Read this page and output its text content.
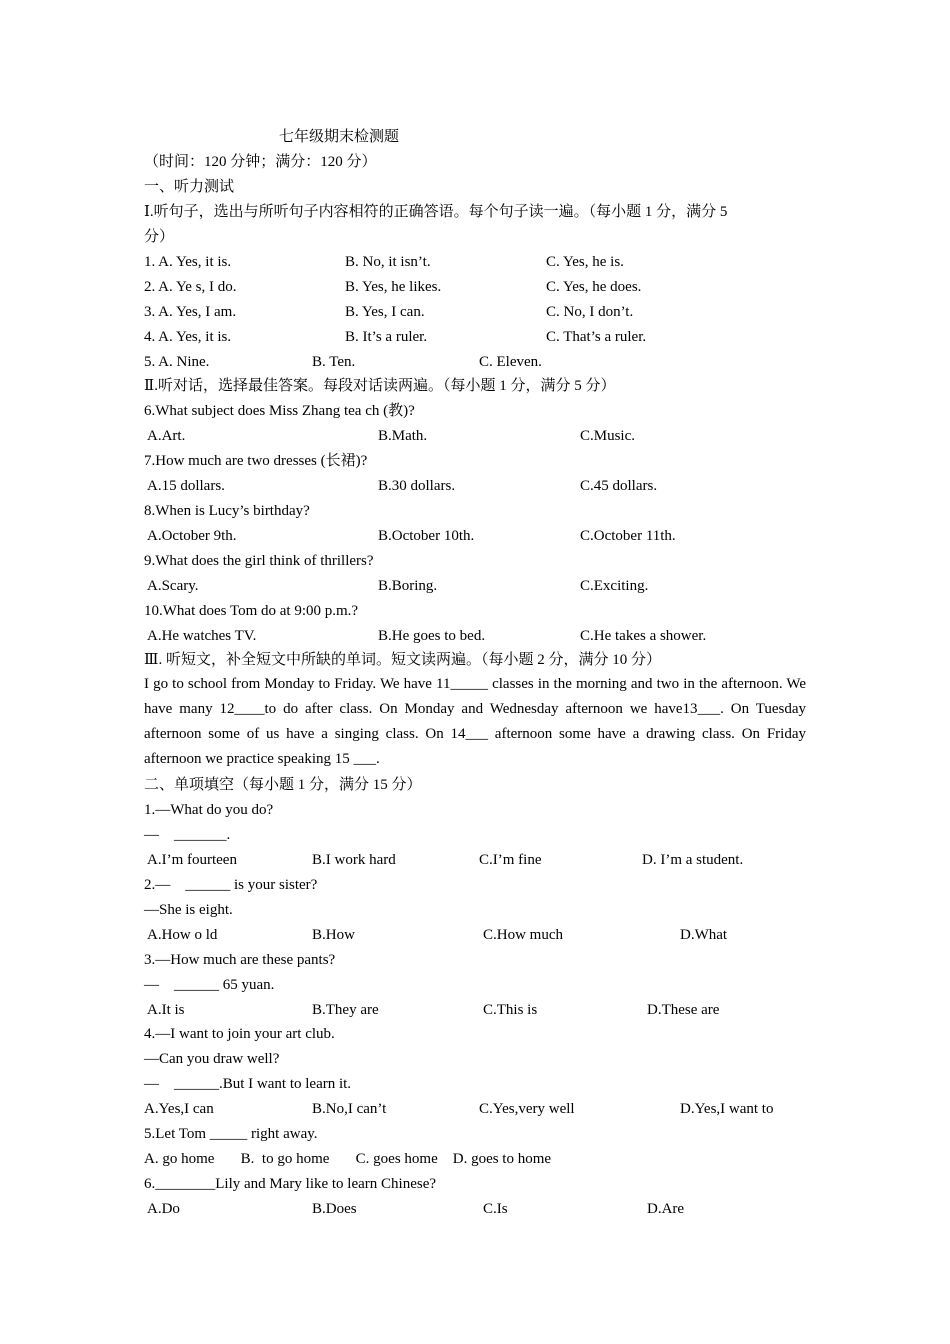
七年级期末检测题
（时间：120 分钟；满分：120 分）
一、听力测试
Ⅰ.听句子，选出与所听句子内容相符的正确答语。每个句子读一遍。（每小题 1 分，满分 5
分）
1. A. Yes, it is.	B. No, it isn’t.	C. Yes, he is.
2. A. Ye s, I do.	B. Yes, he likes.	C. Yes, he does.
3. A. Yes, I am.	B. Yes, I can.	C. No, I don’t.
4. A. Yes, it is.	B. It’s a ruler.	C. That’s a ruler.
5. A. Nine.	B. Ten.	C. Eleven.
Ⅱ.听对话，选择最佳答案。每段对话读两遍。（每小题 1 分，满分 5 分）
6.What subject does Miss Zhang tea ch (教)?
A.Art.	B.Math.	C.Music.
7.How much are two dresses (长裙)?
A.15 dollars.	B.30 dollars.	C.45 dollars.
8.When is Lucy’s birthday?
A.October 9th.	B.October 10th.	C.October 11th.
9.What does the girl think of thrillers?
A.Scary.	B.Boring.	C.Exciting.
10.What does Tom do at 9:00 p.m.?
A.He watches TV.	B.He goes to bed.	C.He takes a shower.
Ⅲ. 听短文，补全短文中所缺的单词。短文读两遍。（每小题 2 分，满分 10 分）
I go to school from Monday to Friday. We have 11_____ classes in the morning and two in the afternoon. We have many 12____to do after class. On Monday and Wednesday afternoon we have13___. On Tuesday afternoon some of us have a singing class. On 14___ afternoon some have a drawing class. On Friday afternoon we practice speaking 15 ___.
二、单项填空（每小题 1 分，满分 15 分）
1.—What do you do?
—    _______.
A.I’m fourteen	B.I work hard	C.I’m fine	D. I’m a student.
2.—    ______ is your sister?
—She is eight.
A.How o ld	B.How	C.How much	D.What
3.—How much are these pants?
—    ______ 65 yuan.
A.It is	B.They are	C.This is	D.These are
4.—I want to join your art club.
—Can you draw well?
—    ______.But I want to learn it.
A.Yes,I can	B.No,I can’t	C.Yes,very well	D.Yes,I want to
5.Let Tom _____ right away.
A. go home       B.  to go home       C. goes home    D. goes to home
6.________Lily and Mary like to learn Chinese?
A.Do	B.Does	C.Is	D.Are
